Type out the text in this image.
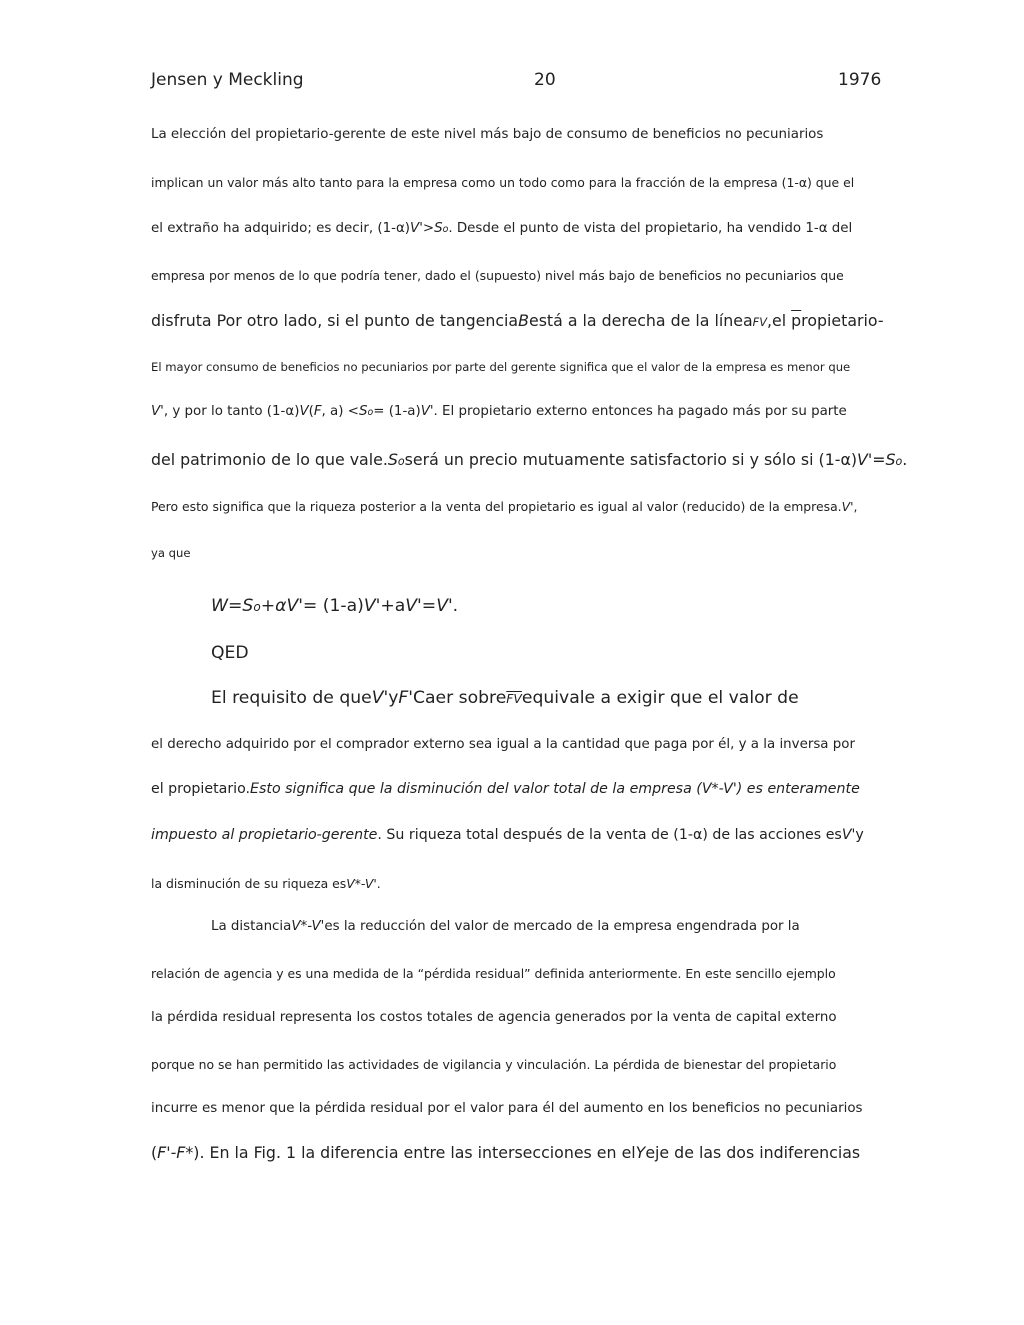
Jensen y Meckling	20	1976
La elección del propietario-gerente de este nivel más bajo de consumo de beneficios no pecuniarios
implican un valor más alto tanto para la empresa como un todo como para la fracción de la empresa (1-α) que el
el extraño ha adquirido; es decir, (1-α)V'>So. Desde el punto de vista del propietario, ha vendido 1-α del
empresa por menos de lo que podría tener, dado el (supuesto) nivel más bajo de beneficios no pecuniarios que
disfruta Por otro lado, si el punto de tangenciaBestá a la derecha de la líneaFV,el $\overline{p}ropietario-$
El mayor consumo de beneficios no pecuniarios por parte del gerente significa que el valor de la empresa es menor que
V', y por lo tanto (1-α)V(F, a) <So= (1-a)V'. El propietario externo entonces ha pagado más por su parte
del patrimonio de lo que vale.Soserá un precio mutuamente satisfactorio si y sólo si (1-α)V'=So.
Pero esto significa que la riqueza posterior a la venta del propietario es igual al valor (reducido) de la empresa.V',
ya que
W=So+αV'= (1-a)V'+aV'=V'.
QED
El requisito de queV'yF'Caer $sobre\overline{FV}equivale$ a exigir que el valor de
el derecho adquirido por el comprador externo sea igual a la cantidad que paga por él, y a la inversa por
el propietario.Esto significa que la disminución del valor total de la empresa (V*-V') es enteramente
impuesto al propietario-gerente. Su riqueza total después de la venta de (1-α) de las acciones esV'y
la disminución de su riqueza esV*-V'.
La distanciaV*-V'es la reducción del valor de mercado de la empresa engendrada por la
relación de agencia y es una medida de la “pérdida residual” definida anteriormente. En este sencillo ejemplo
la pérdida residual representa los costos totales de agencia generados por la venta de capital externo
porque no se han permitido las actividades de vigilancia y vinculación. La pérdida de bienestar del propietario
incurre es menor que la pérdida residual por el valor para él del aumento en los beneficios no pecuniarios
(F'-F*). En la Fig. 1 la diferencia entre las intersecciones en elYeje de las dos indiferencias
